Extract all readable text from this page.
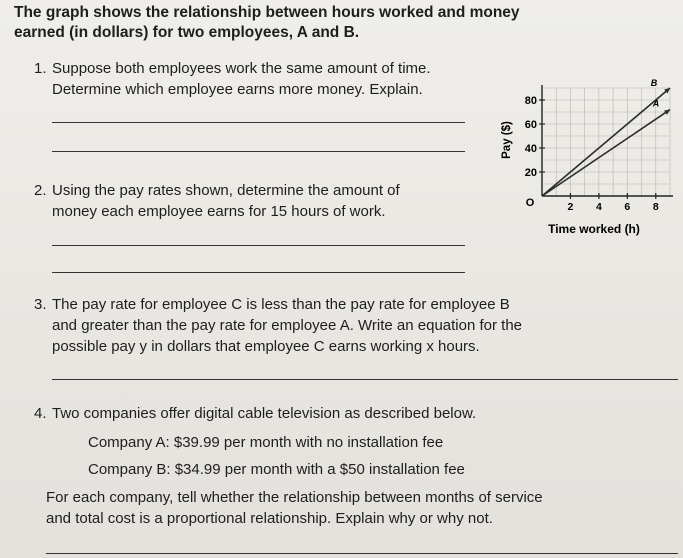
The graph shows the relationship between hours worked and money
earned (in dollars) for two employees, A and B.
1. Suppose both employees work the same amount of time.
Determine which employee earns more money. Explain.
2. Using the pay rates shown, determine the amount of
money each employee earns for 15 hours of work.
3. The pay rate for employee C is less than the pay rate for employee B
and greater than the pay rate for employee A. Write an equation for the
possible pay y in dollars that employee C earns working x hours.
4. Two companies offer digital cable television as described below.
Company A: $39.99 per month with no installation fee
Company B: $34.99 per month with a $50 installation fee
For each company, tell whether the relationship between months of service
and total cost is a proportional relationship. Explain why or why not.
B
A
20
40
60
80
2 4 6 8
Pay ($)
Time worked (h)
O
